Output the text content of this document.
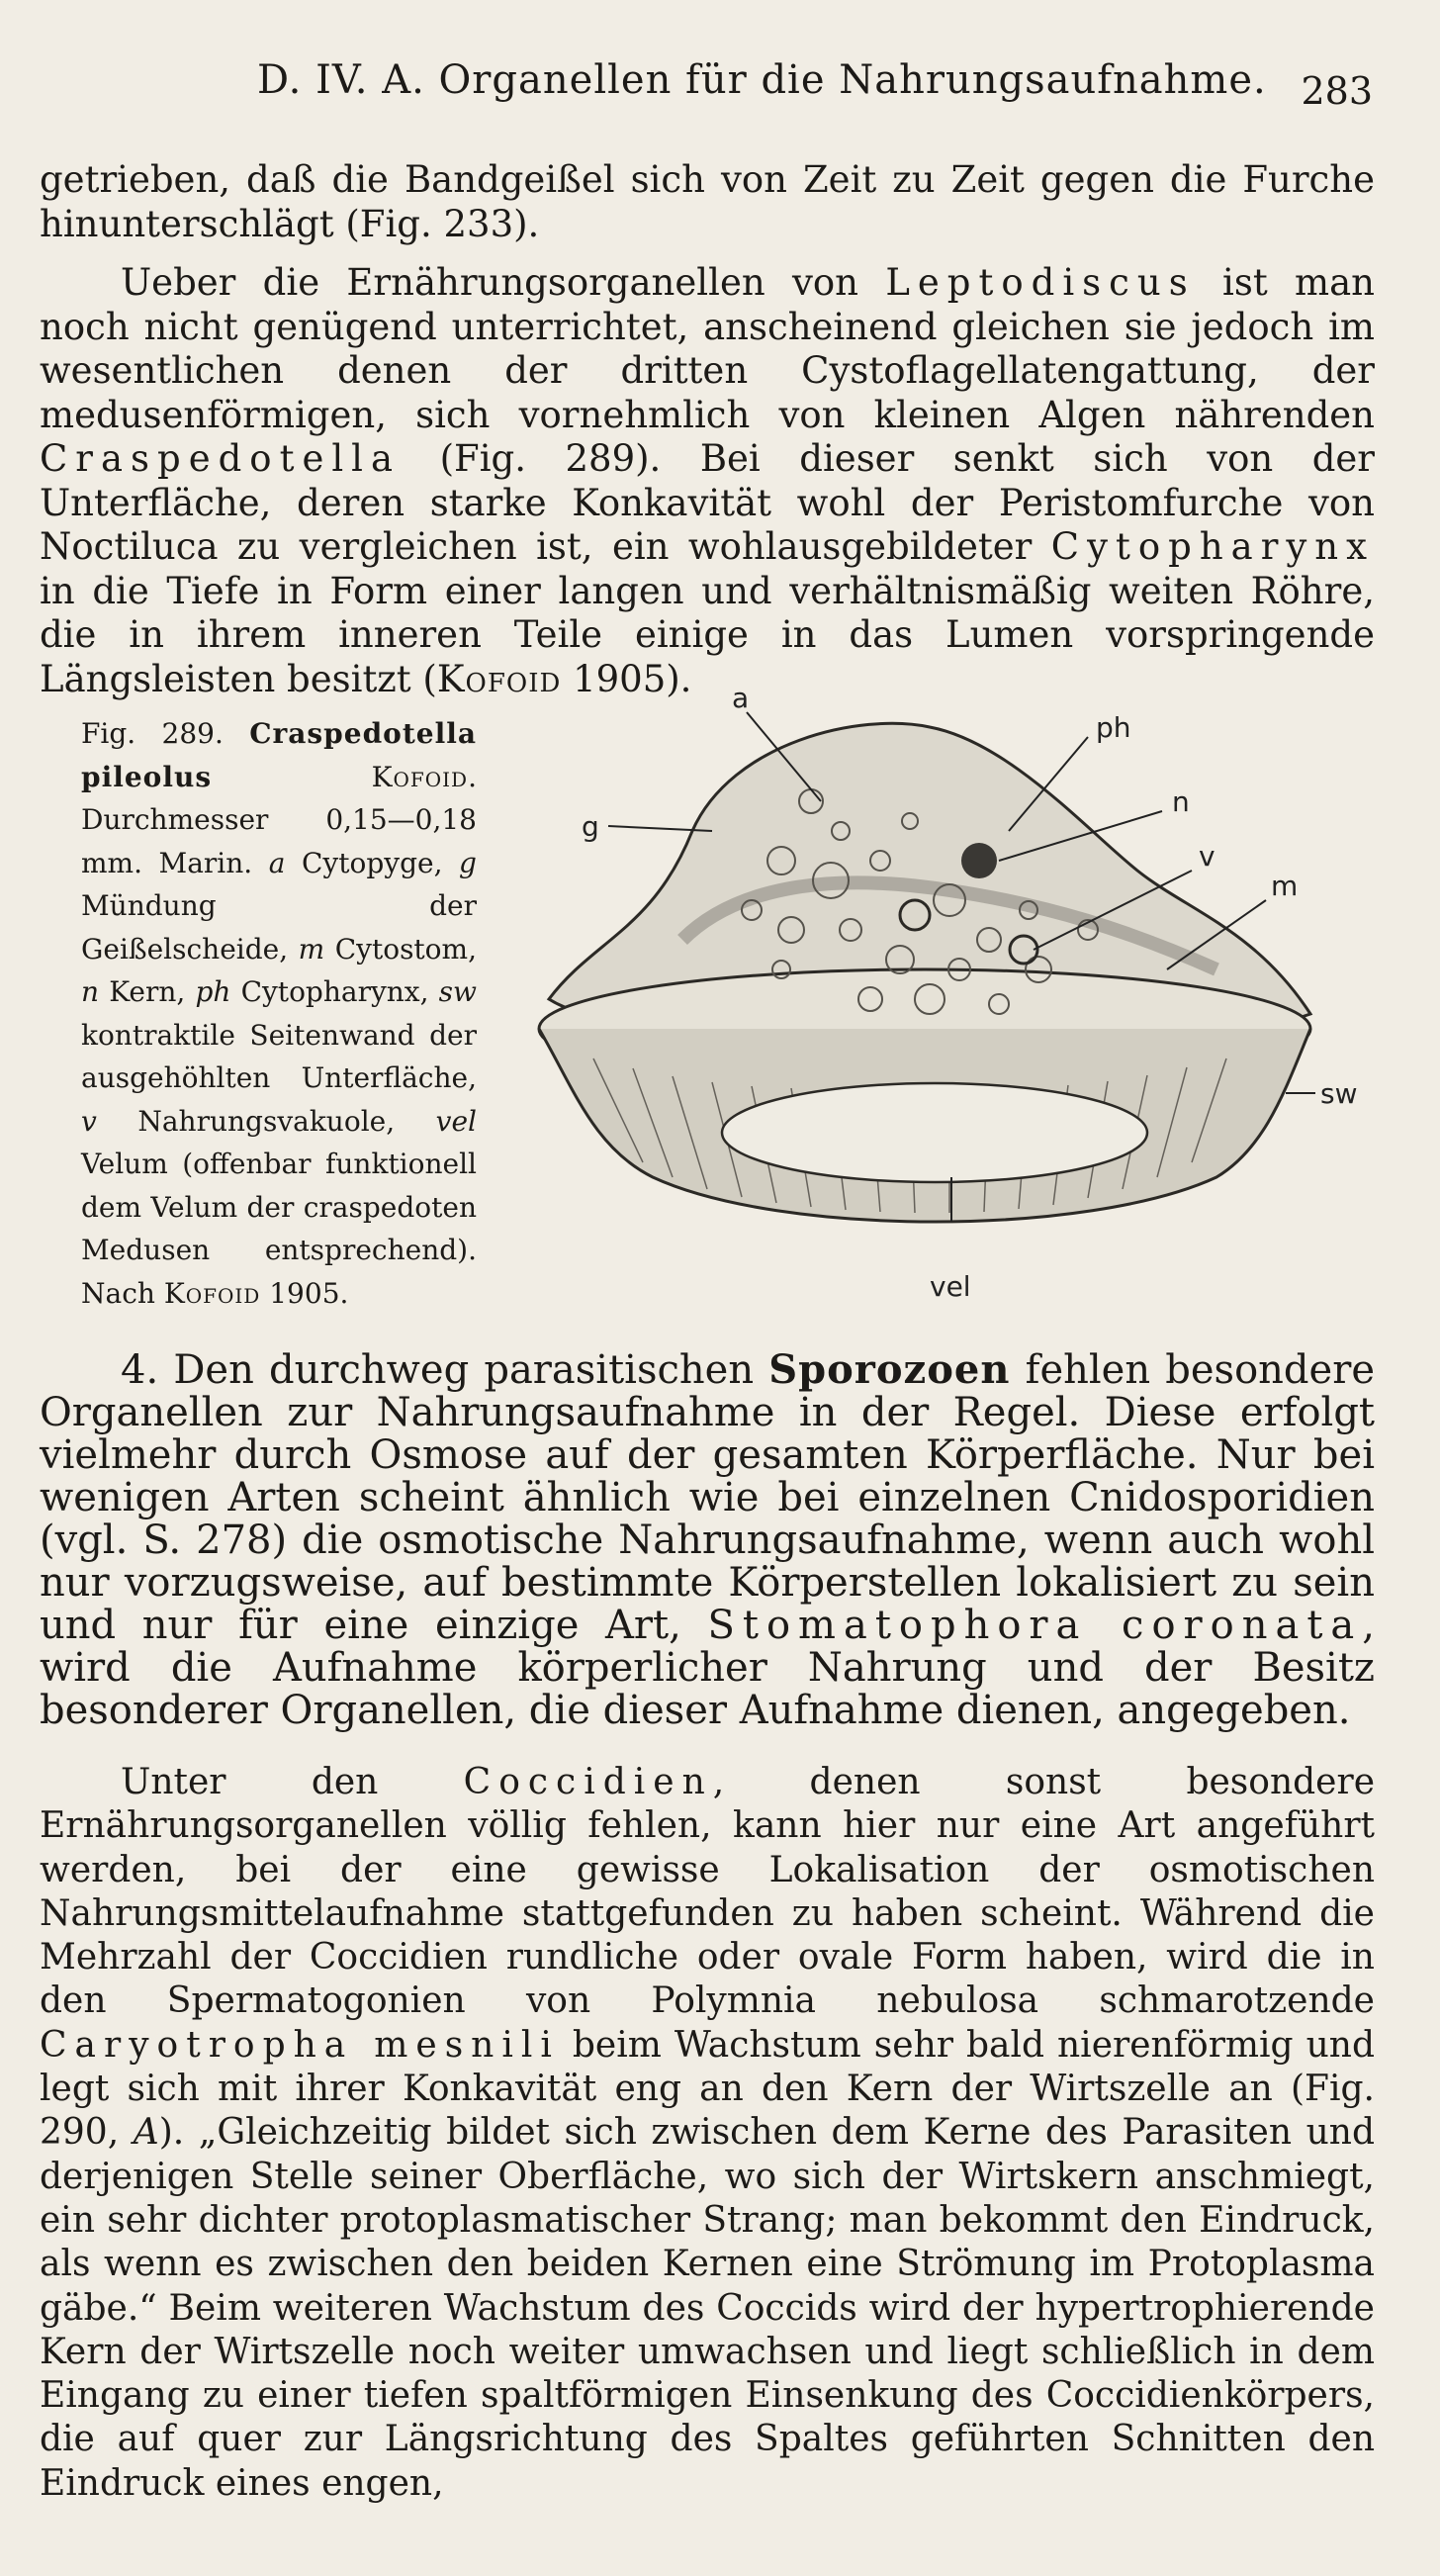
D. IV. A. Organellen für die Nahrungsaufnahme. 283

getrieben, daß die Bandgeißel sich von Zeit zu Zeit gegen die Furche hinunterschlägt (Fig. 233).

Ueber die Ernährungsorganellen von Leptodiscus ist man noch nicht genügend unterrichtet, anscheinend gleichen sie jedoch im wesentlichen denen der dritten Cystoflagellatengattung, der medusenförmigen, sich vornehmlich von kleinen Algen nährenden Craspedotella (Fig. 289). Bei dieser senkt sich von der Unterfläche, deren starke Konkavität wohl der Peristomfurche von Noctiluca zu vergleichen ist, ein wohlausgebildeter Cytopharynx in die Tiefe in Form einer langen und verhältnismäßig weiten Röhre, die in ihrem inneren Teile einige in das Lumen vorspringende Längsleisten besitzt (Kofoid 1905).

Fig. 289. Craspedotella pileolus	Kofoid. Durchmesser 0,15—0,18 mm. Marin. a Cytopyge, g Mündung der Geißelscheide, m Cytostom, n Kern, ph Cytopharynx, sw kontraktile Seitenwand der ausgehöhlten Unterfläche, v Nahrungsvakuole, vel Velum (offenbar funktionell dem Velum der craspedoten Medusen entsprechend). Nach Kofoid 1905.

a
ph
n
g
v
m
sw
vel

4. Den durchweg parasitischen Sporozoen fehlen besondere Organellen zur Nahrungsaufnahme in der Regel. Diese erfolgt vielmehr durch Osmose auf der gesamten Körperfläche. Nur bei wenigen Arten scheint ähnlich wie bei einzelnen Cnidosporidien (vgl. S. 278) die osmotische Nahrungsaufnahme, wenn auch wohl nur vorzugsweise, auf bestimmte Körperstellen lokalisiert zu sein und nur für eine einzige Art, Stomatophora coronata, wird die Aufnahme körperlicher Nahrung und der Besitz besonderer Organellen, die dieser Aufnahme dienen, angegeben.

Unter den Coccidien, denen sonst besondere Ernährungsorganellen völlig fehlen, kann hier nur eine Art angeführt werden, bei der eine gewisse Lokalisation der osmotischen Nahrungsmittelaufnahme stattgefunden zu haben scheint. Während die Mehrzahl der Coccidien rundliche oder ovale Form haben, wird die in den Spermatogonien von Polymnia nebulosa schmarotzende Caryotropha mesnili beim Wachstum sehr bald nierenförmig und legt sich mit ihrer Konkavität eng an den Kern der Wirtszelle an (Fig. 290, A). „Gleichzeitig bildet sich zwischen dem Kerne des Parasiten und derjenigen Stelle seiner Oberfläche, wo sich der Wirtskern anschmiegt, ein sehr dichter protoplasmatischer Strang; man bekommt den Eindruck, als wenn es zwischen den beiden Kernen eine Strömung im Protoplasma gäbe.“ Beim weiteren Wachstum des Coccids wird der hypertrophierende Kern der Wirtszelle noch weiter umwachsen und liegt schließlich in dem Eingang zu einer tiefen spaltförmigen Einsenkung des Coccidienkörpers, die auf quer zur Längsrichtung des Spaltes geführten Schnitten den Eindruck eines engen,
